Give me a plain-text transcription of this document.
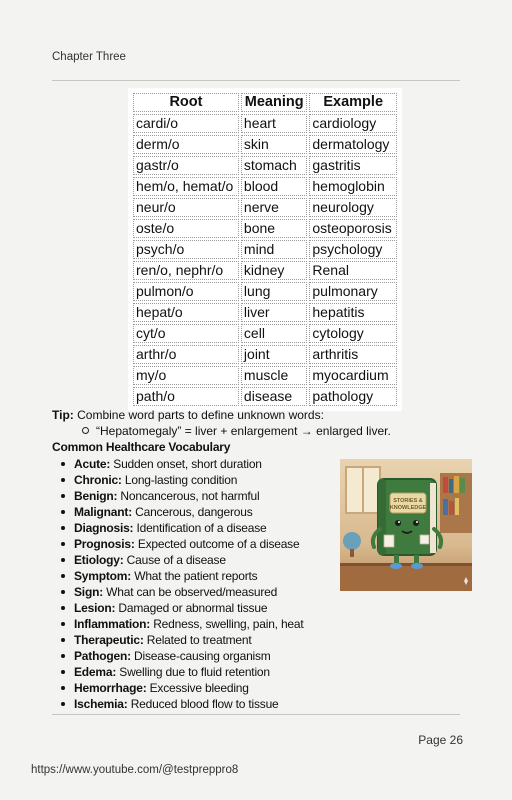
Chapter Three
Root	Meaning	Example
cardi/o	heart	cardiology
derm/o	skin	dermatology
gastr/o	stomach	gastritis
hem/o, hemat/o	blood	hemoglobin
neur/o	nerve	neurology
oste/o	bone	osteoporosis
psych/o	mind	psychology
ren/o, nephr/o	kidney	Renal
pulmon/o	lung	pulmonary
hepat/o	liver	hepatitis
cyt/o	cell	cytology
arthr/o	joint	arthritis
my/o	muscle	myocardium
path/o	disease	pathology
Tip: Combine word parts to define unknown words:
“Hepatomegaly” = liver + enlargement → enlarged liver.
Common Healthcare Vocabulary
Acute: Sudden onset, short duration
Chronic: Long-lasting condition
Benign: Noncancerous, not harmful
Malignant: Cancerous, dangerous
Diagnosis: Identification of a disease
Prognosis: Expected outcome of a disease
Etiology: Cause of a disease
Symptom: What the patient reports
Sign: What can be observed/measured
Lesion: Damaged or abnormal tissue
Inflammation: Redness, swelling, pain, heat
Therapeutic: Related to treatment
Pathogen: Disease-causing organism
Edema: Swelling due to fluid retention
Hemorrhage: Excessive bleeding
Ischemia: Reduced blood flow to tissue
STORIES &
KNOWLEDGE
Page 26
https://www.youtube.com/@testpreppro8
